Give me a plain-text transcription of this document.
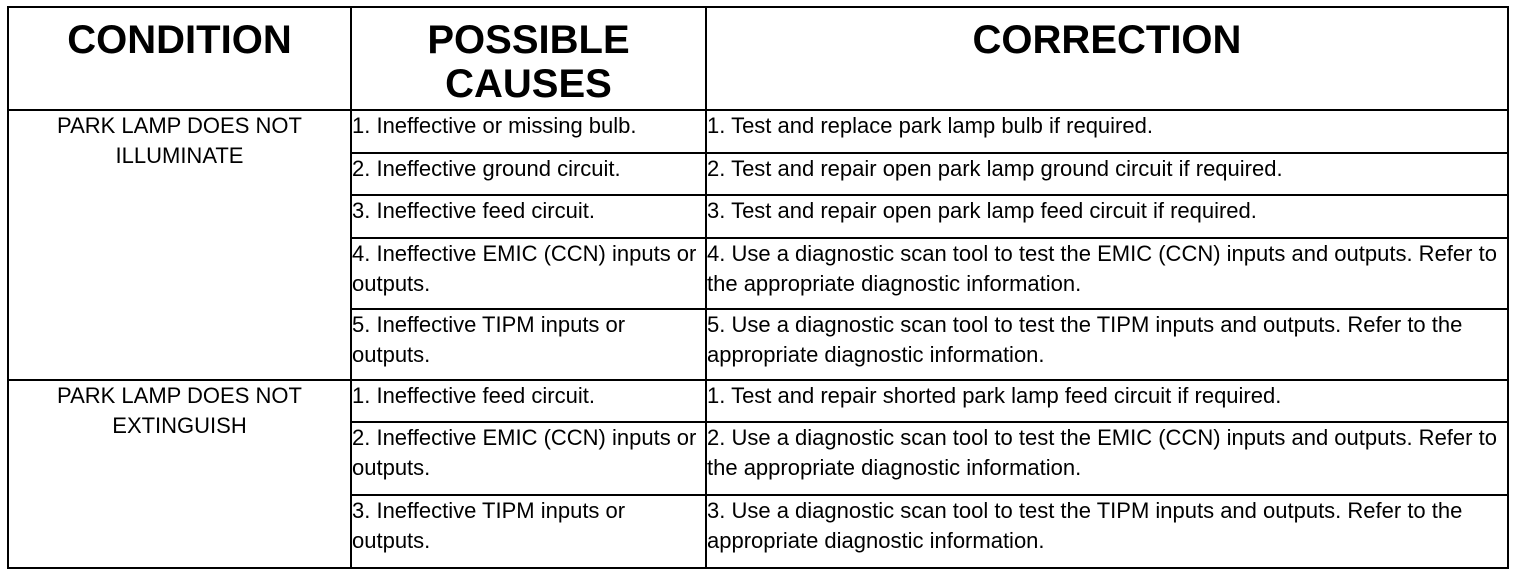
CONDITION	POSSIBLE CAUSES	CORRECTION
PARK LAMP DOES NOT ILLUMINATE	1. Ineffective or missing bulb.	1. Test and replace park lamp bulb if required.
	2. Ineffective ground circuit.	2. Test and repair open park lamp ground circuit if required.
	3. Ineffective feed circuit.	3. Test and repair open park lamp feed circuit if required.
	4. Ineffective EMIC (CCN) inputs or outputs.	4. Use a diagnostic scan tool to test the EMIC (CCN) inputs and outputs. Refer to the appropriate diagnostic information.
	5. Ineffective TIPM inputs or outputs.	5. Use a diagnostic scan tool to test the TIPM inputs and outputs. Refer to the appropriate diagnostic information.
PARK LAMP DOES NOT EXTINGUISH	1. Ineffective feed circuit.	1. Test and repair shorted park lamp feed circuit if required.
	2. Ineffective EMIC (CCN) inputs or outputs.	2. Use a diagnostic scan tool to test the EMIC (CCN) inputs and outputs. Refer to the appropriate diagnostic information.
	3. Ineffective TIPM inputs or outputs.	3. Use a diagnostic scan tool to test the TIPM inputs and outputs. Refer to the appropriate diagnostic information.
